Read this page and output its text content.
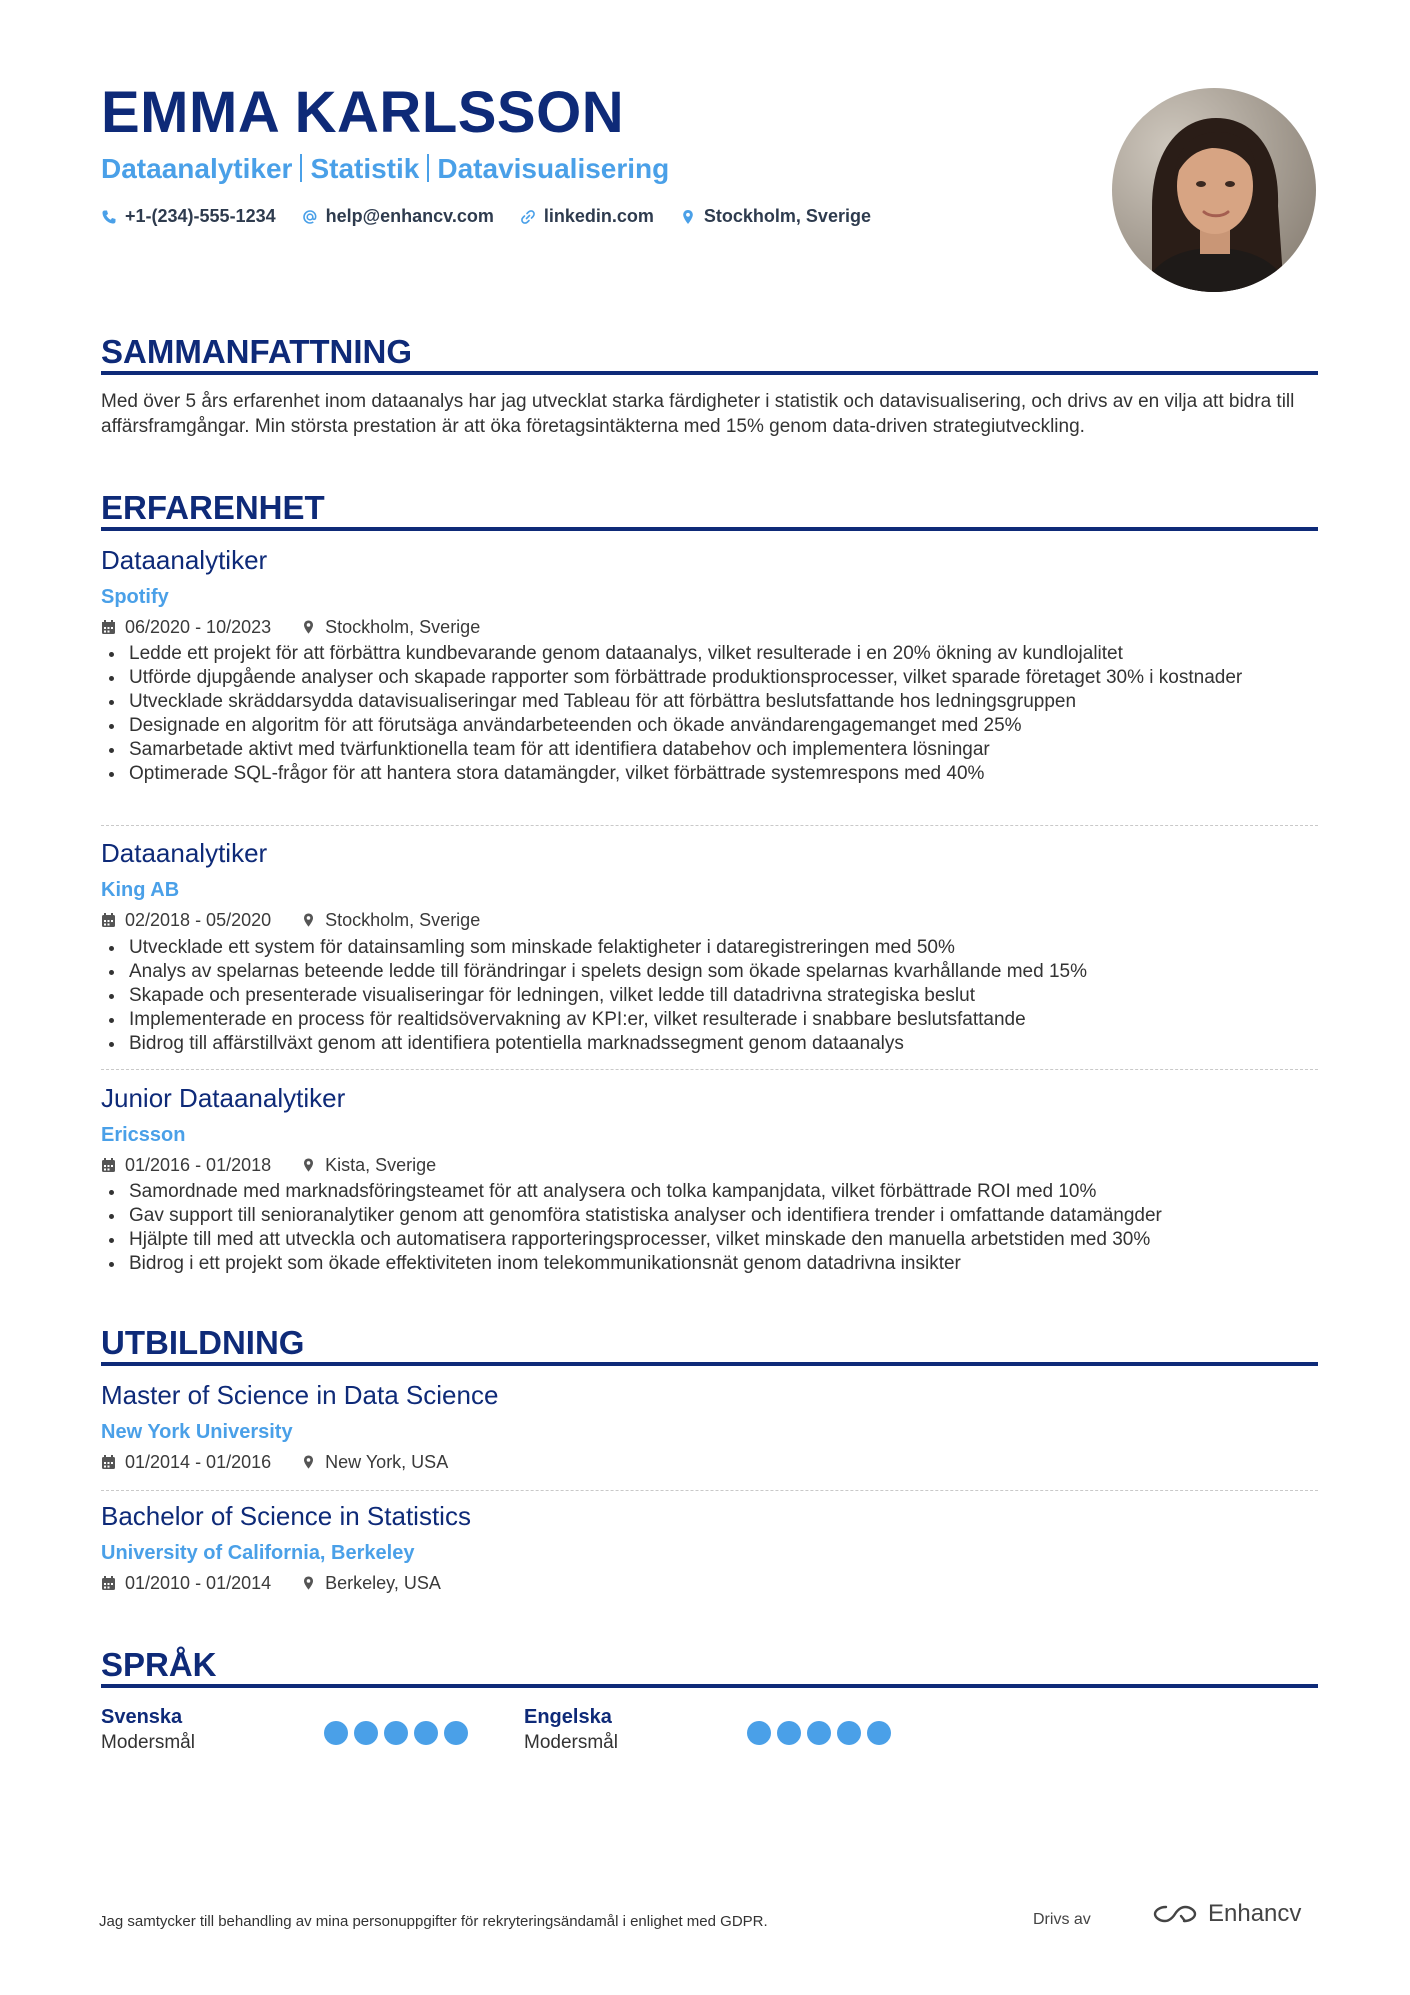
EMMA KARLSSON
Dataanalytiker Statistik Datavisualisering
+1-(234)-555-1234	help@enhancv.com	linkedin.com	Stockholm, Sverige
SAMMANFATTNING

Med över 5 års erfarenhet inom dataanalys har jag utvecklat starka färdigheter i statistik och datavisualisering, och drivs av en vilja att bidra till affärsframgångar. Min största prestation är att öka företagsintäkterna med 15% genom data-driven strategiutveckling.

ERFARENHET
Dataanalytiker
Spotify
06/2020 - 10/2023	Stockholm, Sverige
Ledde ett projekt för att förbättra kundbevarande genom dataanalys, vilket resulterade i en 20% ökning av kundlojalitet
Utförde djupgående analyser och skapade rapporter som förbättrade produktionsprocesser, vilket sparade företaget 30% i kostnader
Utvecklade skräddarsydda datavisualiseringar med Tableau för att förbättra beslutsfattande hos ledningsgruppen
Designade en algoritm för att förutsäga användarbeteenden och ökade användarengagemanget med 25%
Samarbetade aktivt med tvärfunktionella team för att identifiera databehov och implementera lösningar
Optimerade SQL-frågor för att hantera stora datamängder, vilket förbättrade systemrespons med 40%
Dataanalytiker
King AB
02/2018 - 05/2020	Stockholm, Sverige
Utvecklade ett system för datainsamling som minskade felaktigheter i dataregistreringen med 50%
Analys av spelarnas beteende ledde till förändringar i spelets design som ökade spelarnas kvarhållande med 15%
Skapade och presenterade visualiseringar för ledningen, vilket ledde till datadrivna strategiska beslut
Implementerade en process för realtidsövervakning av KPI:er, vilket resulterade i snabbare beslutsfattande
Bidrog till affärstillväxt genom att identifiera potentiella marknadssegment genom dataanalys
Junior Dataanalytiker
Ericsson
01/2016 - 01/2018	Kista, Sverige
Samordnade med marknadsföringsteamet för att analysera och tolka kampanjdata, vilket förbättrade ROI med 10%
Gav support till senioranalytiker genom att genomföra statistiska analyser och identifiera trender i omfattande datamängder
Hjälpte till med att utveckla och automatisera rapporteringsprocesser, vilket minskade den manuella arbetstiden med 30%
Bidrog i ett projekt som ökade effektiviteten inom telekommunikationsnät genom datadrivna insikter
UTBILDNING
Master of Science in Data Science
New York University
01/2014 - 01/2016	New York, USA
Bachelor of Science in Statistics
University of California, Berkeley
01/2010 - 01/2014	Berkeley, USA
SPRÅK
Svenska
Modersmål
Engelska
Modersmål
Jag samtycker till behandling av mina personuppgifter för rekryteringsändamål i enlighet med GDPR.	Drivs av	Enhancv
